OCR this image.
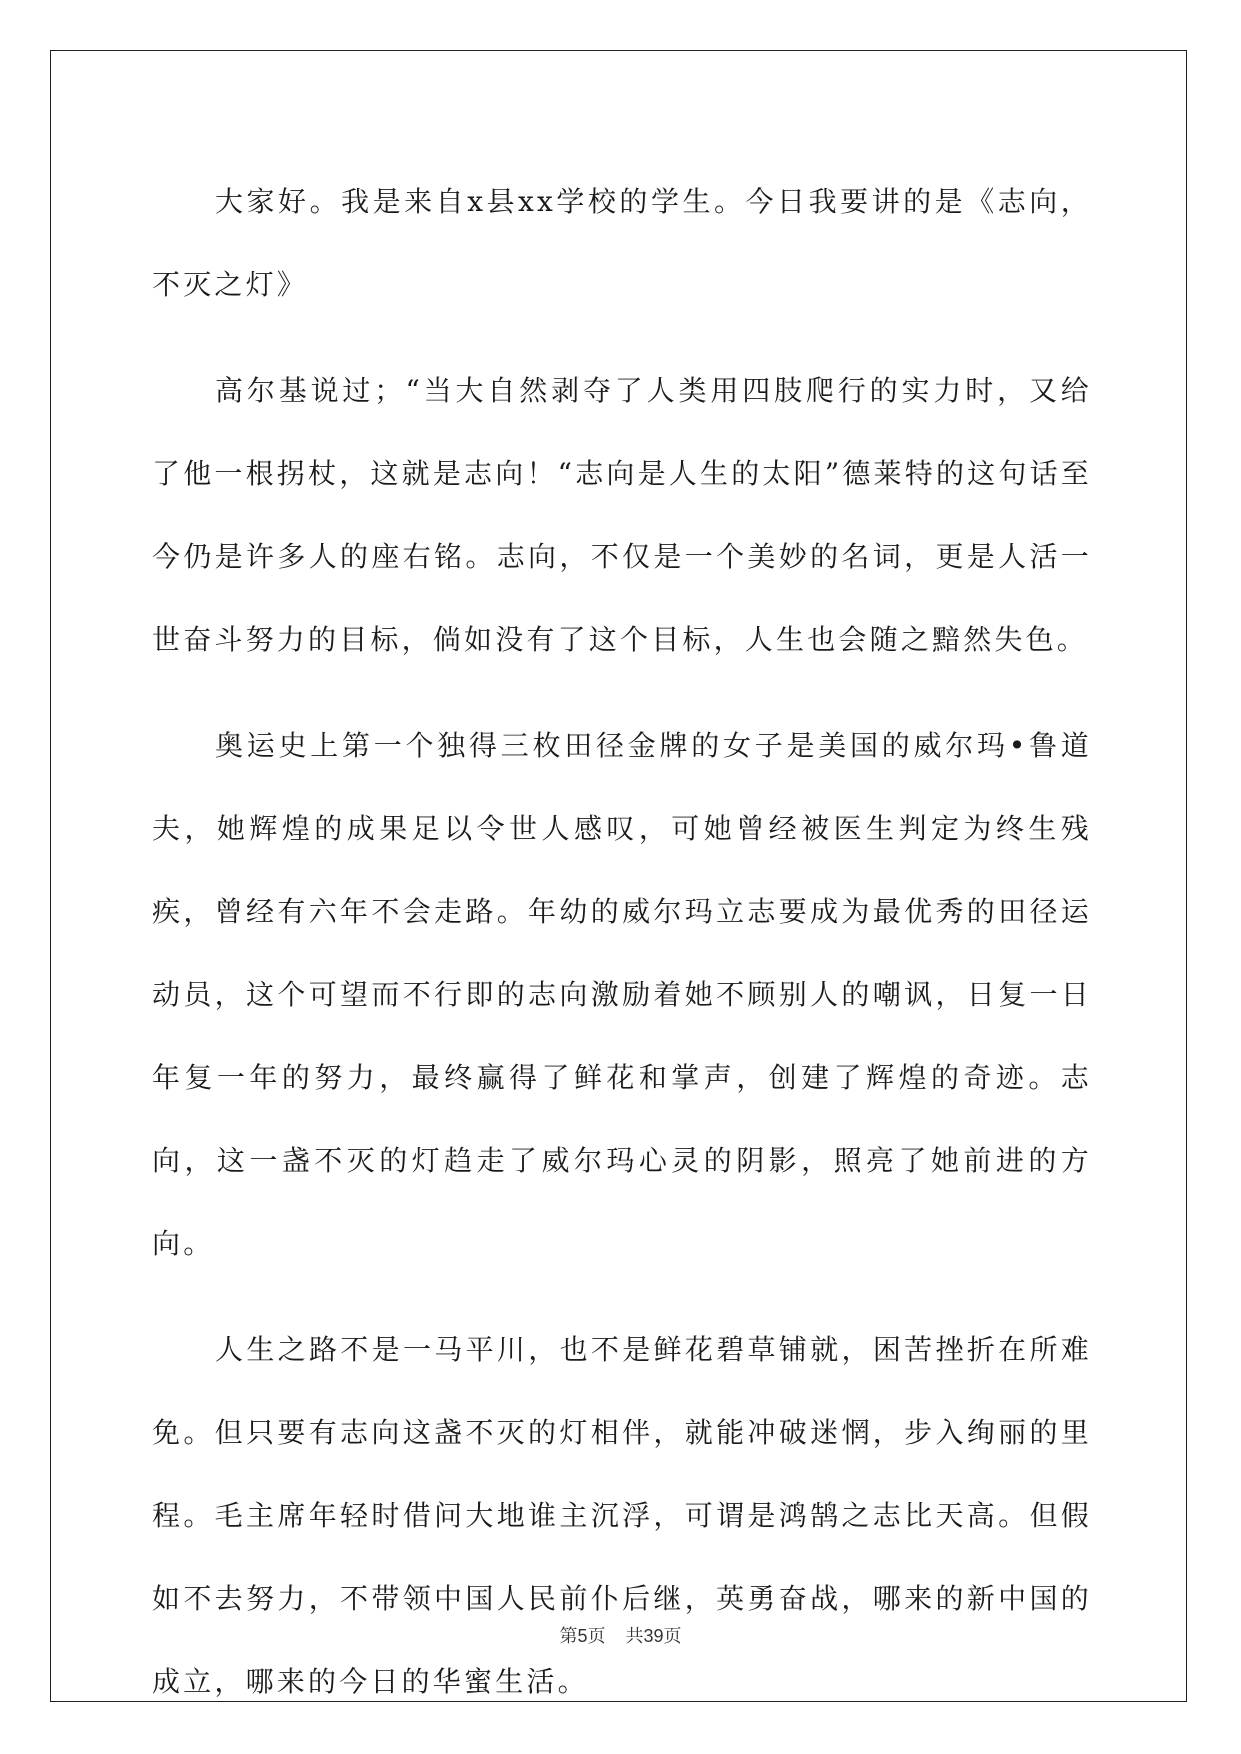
大家好。我是来自x县xx学校的学生。今日我要讲的是《志向，不灭之灯》

高尔基说过；“当大自然剥夺了人类用四肢爬行的实力时，又给了他一根拐杖，这就是志向！“志向是人生的太阳”德莱特的这句话至今仍是许多人的座右铭。志向，不仅是一个美妙的名词，更是人活一世奋斗努力的目标，倘如没有了这个目标，人生也会随之黯然失色。

奥运史上第一个独得三枚田径金牌的女子是美国的威尔玛•鲁道夫，她辉煌的成果足以令世人感叹，可她曾经被医生判定为终生残疾，曾经有六年不会走路。年幼的威尔玛立志要成为最优秀的田径运动员，这个可望而不行即的志向激励着她不顾别人的嘲讽，日复一日年复一年的努力，最终赢得了鲜花和掌声，创建了辉煌的奇迹。志向，这一盏不灭的灯趋走了威尔玛心灵的阴影，照亮了她前进的方向。

人生之路不是一马平川，也不是鲜花碧草铺就，困苦挫折在所难免。但只要有志向这盏不灭的灯相伴，就能冲破迷惘，步入绚丽的里程。毛主席年轻时借问大地谁主沉浮，可谓是鸿鹄之志比天高。但假如不去努力，不带领中国人民前仆后继，英勇奋战，哪来的新中国的成立，哪来的今日的华蜜生活。

第5页 共39页
